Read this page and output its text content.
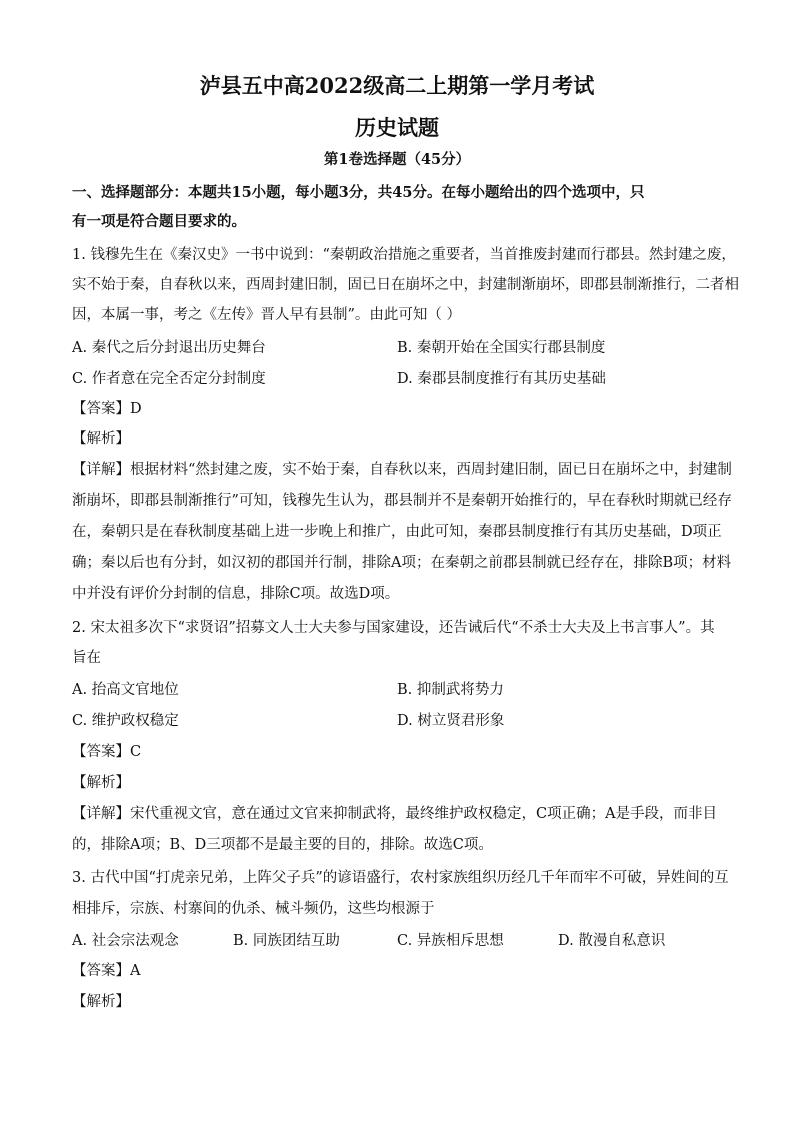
泸县五中高2022级高二上期第一学月考试
历史试题
第1卷选择题（45分）
一、选择题部分：本题共15小题，每小题3分，共45分。在每小题给出的四个选项中，只
有一项是符合题目要求的。
1. 钱穆先生在《秦汉史》一书中说到：“秦朝政治措施之重要者，当首推废封建而行郡县。然封建之废，
实不始于秦，自春秋以来，西周封建旧制，固已日在崩坏之中，封建制渐崩坏，即郡县制渐推行，二者相
因，本属一事，考之《左传》晋人早有县制”。由此可知（ ）
A. 秦代之后分封退出历史舞台	B. 秦朝开始在全国实行郡县制度
C. 作者意在完全否定分封制度	D. 秦郡县制度推行有其历史基础
【答案】D
【解析】
【详解】根据材料“然封建之废，实不始于秦，自春秋以来，西周封建旧制，固已日在崩坏之中，封建制
渐崩坏，即郡县制渐推行”可知，钱穆先生认为，郡县制并不是秦朝开始推行的，早在春秋时期就已经存
在，秦朝只是在春秋制度基础上进一步晚上和推广，由此可知，秦郡县制度推行有其历史基础，D项正
确；秦以后也有分封，如汉初的郡国并行制，排除A项；在秦朝之前郡县制就已经存在，排除B项；材料
中并没有评价分封制的信息，排除C项。故选D项。
2. 宋太祖多次下“求贤诏”招募文人士大夫参与国家建设，还告诫后代“不杀士大夫及上书言事人”。其
旨在
A. 抬高文官地位	B. 抑制武将势力
C. 维护政权稳定	D. 树立贤君形象
【答案】C
【解析】
【详解】宋代重视文官，意在通过文官来抑制武将，最终维护政权稳定，C项正确；A是手段，而非目
的，排除A项；B、D三项都不是最主要的目的，排除。故选C项。
3. 古代中国“打虎亲兄弟，上阵父子兵”的谚语盛行，农村家族组织历经几千年而牢不可破，异姓间的互
相排斥，宗族、村寨间的仇杀、械斗频仍，这些均根源于
A. 社会宗法观念	B. 同族团结互助	C. 异族相斥思想	D. 散漫自私意识
【答案】A
【解析】
